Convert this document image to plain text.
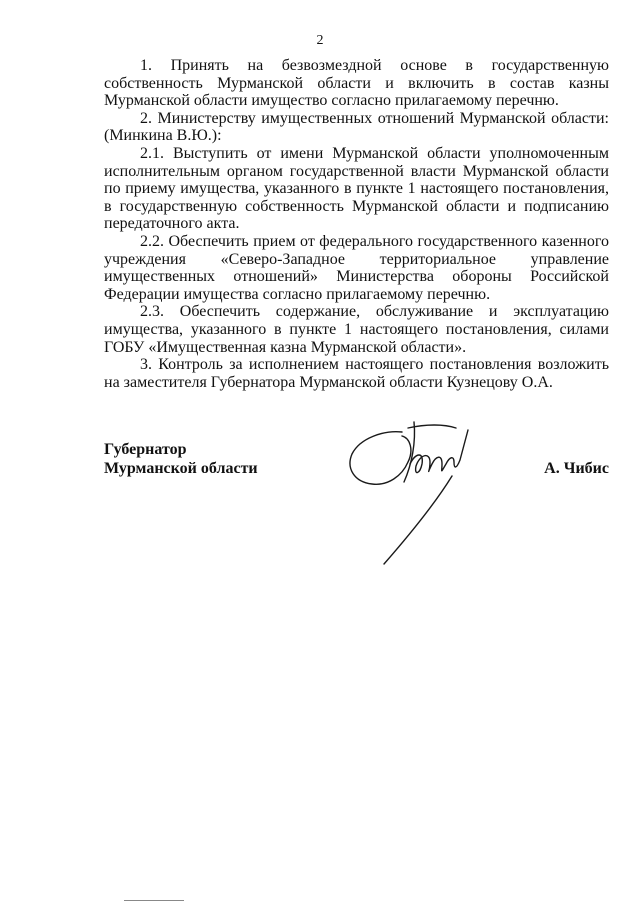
2

1. Принять на безвозмездной основе в государственную собственность Мурманской области и включить в состав казны Мурманской области имущество согласно прилагаемому перечню.

2. Министерству имущественных отношений Мурманской области: (Минкина В.Ю.):

2.1. Выступить от имени Мурманской области уполномоченным исполнительным органом государственной власти Мурманской области по приему имущества, указанного в пункте 1 настоящего постановления, в государственную собственность Мурманской области и подписанию передаточного акта.

2.2. Обеспечить прием от федерального государственного казенного учреждения «Северо-Западное территориальное управление имущественных отношений» Министерства обороны Российской Федерации имущества согласно прилагаемому перечню.

2.3. Обеспечить содержание, обслуживание и эксплуатацию имущества, указанного в пункте 1 настоящего постановления, силами ГОБУ «Имущественная казна Мурманской области».

3. Контроль за исполнением настоящего постановления возложить на заместителя Губернатора Мурманской области Кузнецову О.А.

Губернатор
Мурманской области	А. Чибис
